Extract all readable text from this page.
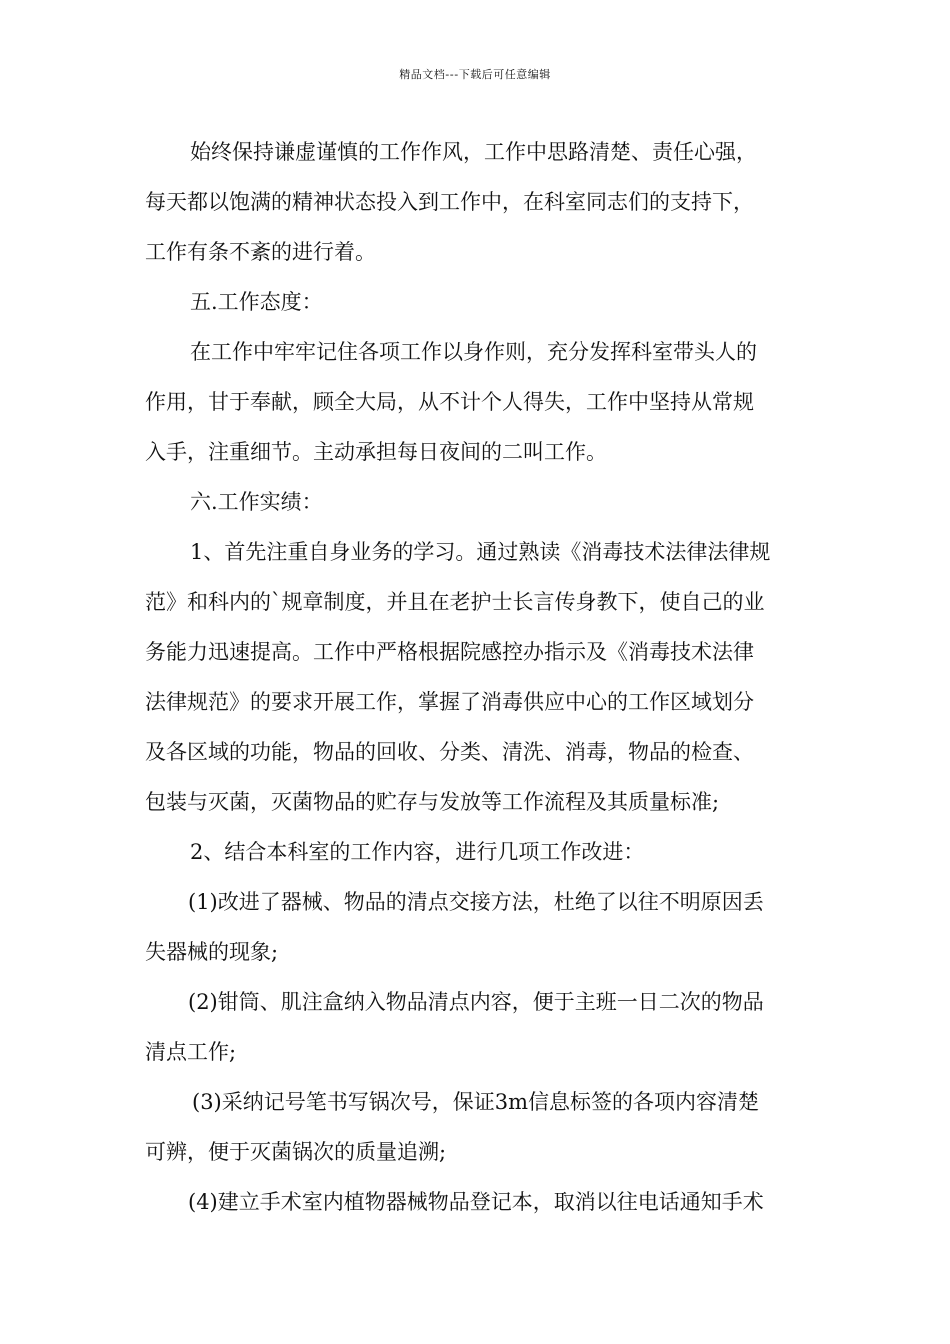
精品文档---下载后可任意编辑
始终保持谦虚谨慎的工作作风，工作中思路清楚、责任心强，
每天都以饱满的精神状态投入到工作中，在科室同志们的支持下，
工作有条不紊的进行着。
五.工作态度：
在工作中牢牢记住各项工作以身作则，充分发挥科室带头人的
作用，甘于奉献，顾全大局，从不计个人得失，工作中坚持从常规
入手，注重细节。主动承担每日夜间的二叫工作。
六.工作实绩：
1、首先注重自身业务的学习。通过熟读《消毒技术法律法律规
范》和科内的`规章制度，并且在老护士长言传身教下，使自己的业
务能力迅速提高。工作中严格根据院感控办指示及《消毒技术法律
法律规范》的要求开展工作，掌握了消毒供应中心的工作区域划分
及各区域的功能，物品的回收、分类、清洗、消毒，物品的检查、
包装与灭菌，灭菌物品的贮存与发放等工作流程及其质量标准;
2、结合本科室的工作内容，进行几项工作改进：
(1)改进了器械、物品的清点交接方法，杜绝了以往不明原因丢
失器械的现象;
(2)钳筒、肌注盒纳入物品清点内容，便于主班一日二次的物品
清点工作;
(3)采纳记号笔书写锅次号，保证3m信息标签的各项内容清楚
可辨，便于灭菌锅次的质量追溯;
(4)建立手术室内植物器械物品登记本，取消以往电话通知手术
